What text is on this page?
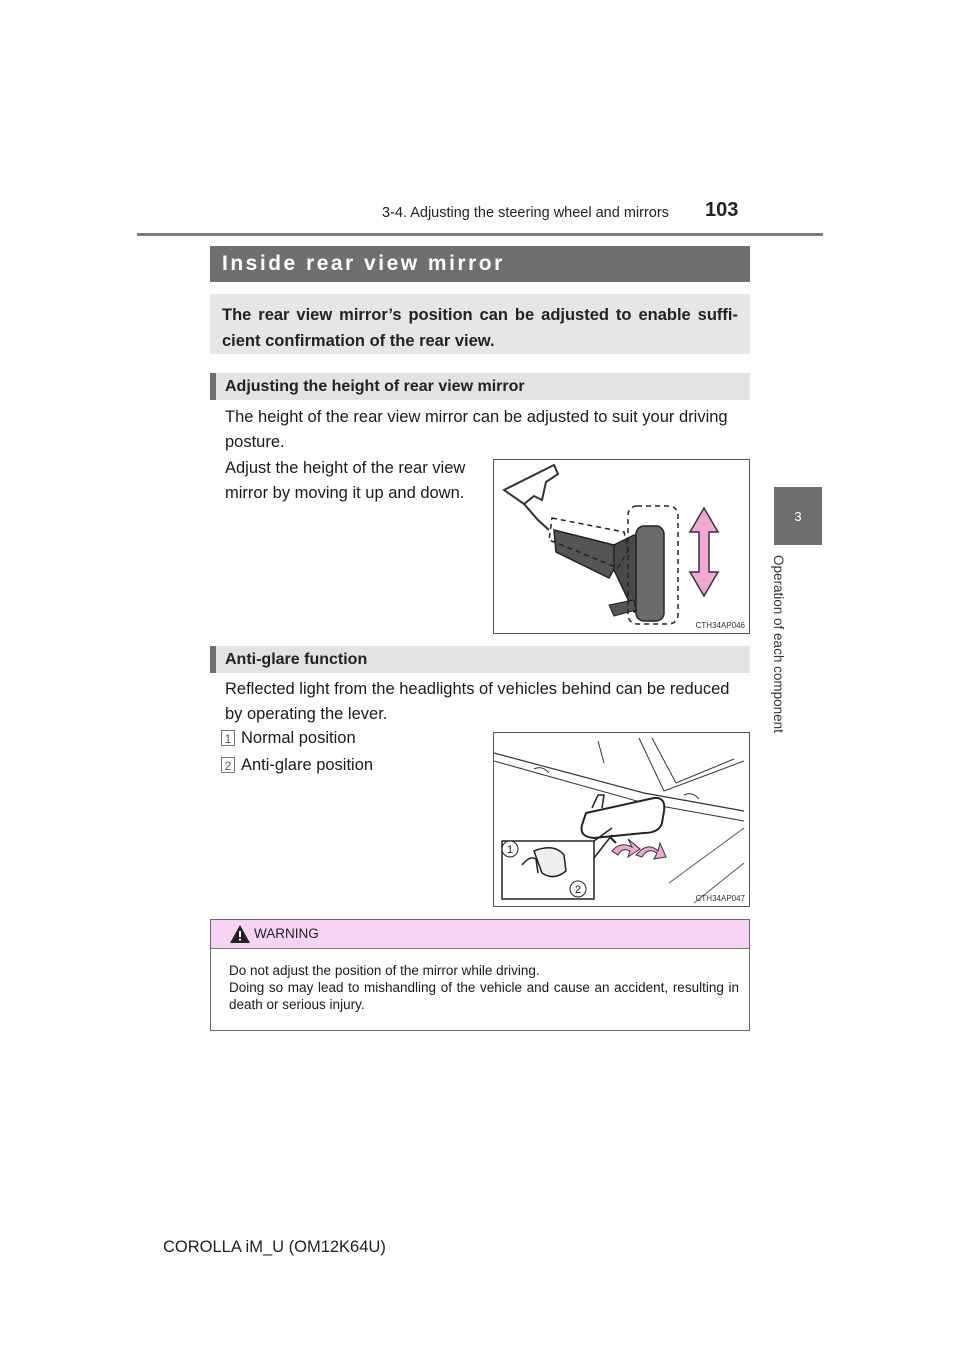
3-4. Adjusting the steering wheel and mirrors 103
3
Operation of each component
Inside rear view mirror
The rear view mirror’s position can be adjusted to enable suffi-cient confirmation of the rear view.
Adjusting the height of rear view mirror
The height of the rear view mirror can be adjusted to suit your driving posture.
Adjust the height of the rear view mirror by moving it up and down.
CTH34AP046
Anti-glare function
Reflected light from the headlights of vehicles behind can be reduced by operating the lever.
1 Normal position
2 Anti-glare position
1
2
CTH34AP047
WARNING
Do not adjust the position of the mirror while driving.
Doing so may lead to mishandling of the vehicle and cause an accident, resulting in death or serious injury.
COROLLA iM_U (OM12K64U)
